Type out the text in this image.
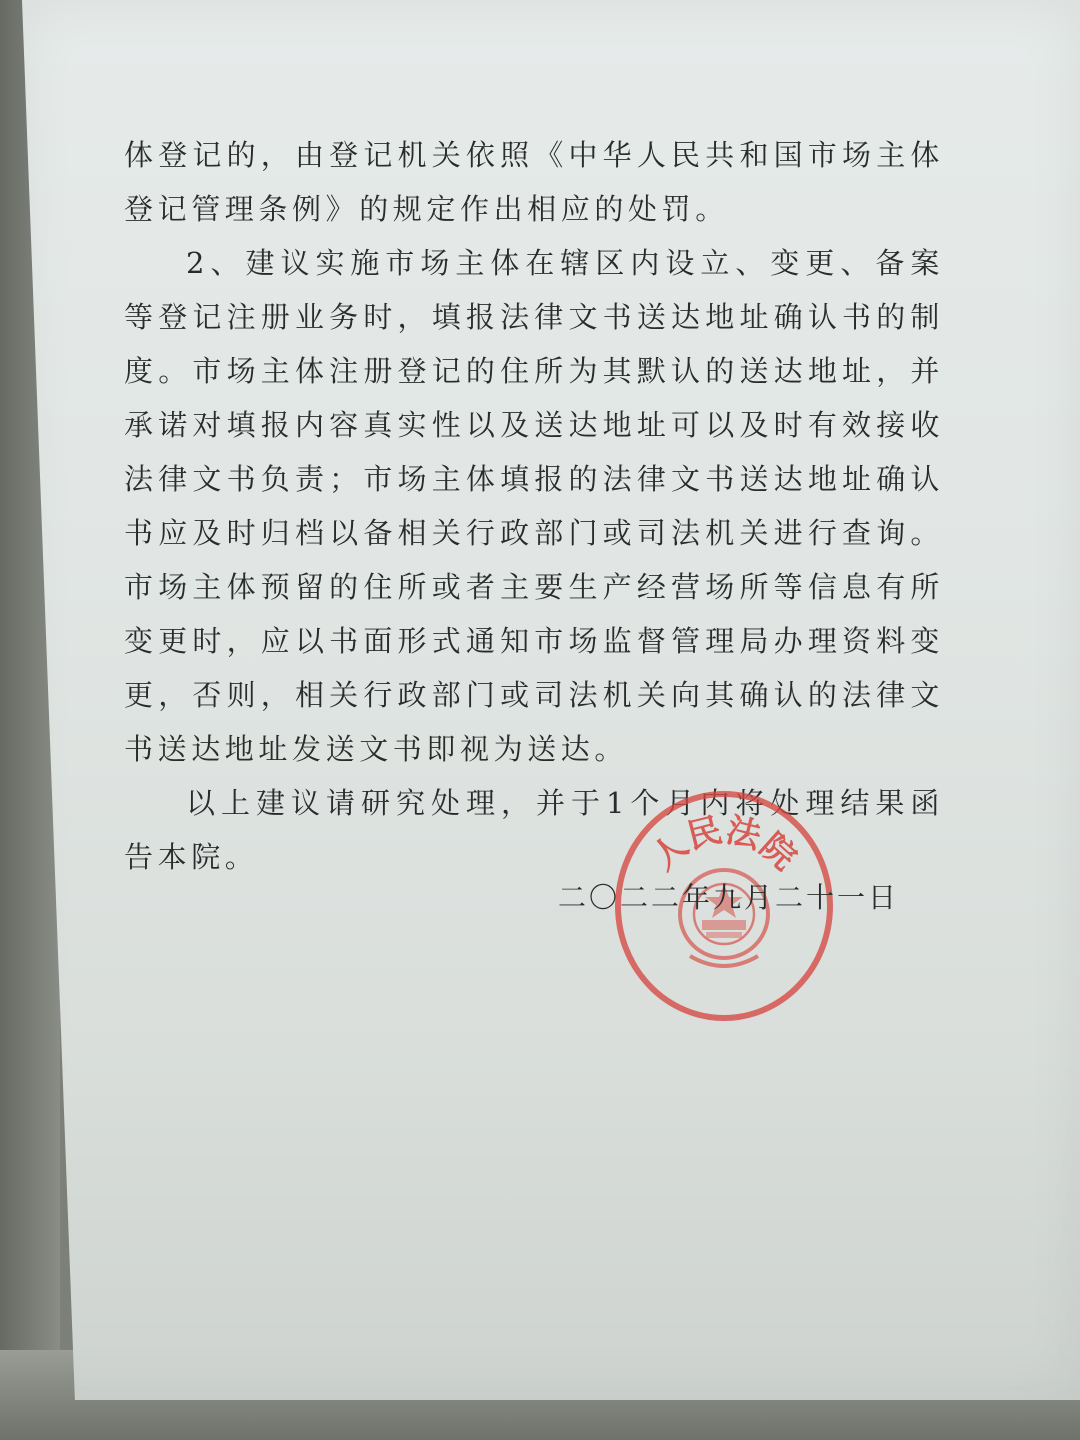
体登记的，由登记机关依照《中华人民共和国市场主体登记管理条例》的规定作出相应的处罚。

2、建议实施市场主体在辖区内设立、变更、备案等登记注册业务时，填报法律文书送达地址确认书的制度。市场主体注册登记的住所为其默认的送达地址，并承诺对填报内容真实性以及送达地址可以及时有效接收法律文书负责；市场主体填报的法律文书送达地址确认书应及时归档以备相关行政部门或司法机关进行查询。市场主体预留的住所或者主要生产经营场所等信息有所变更时，应以书面形式通知市场监督管理局办理资料变更，否则，相关行政部门或司法机关向其确认的法律文书送达地址发送文书即视为送达。

以上建议请研究处理，并于1个月内将处理结果函告本院。	人民法院
二〇二二年九月二十一日
